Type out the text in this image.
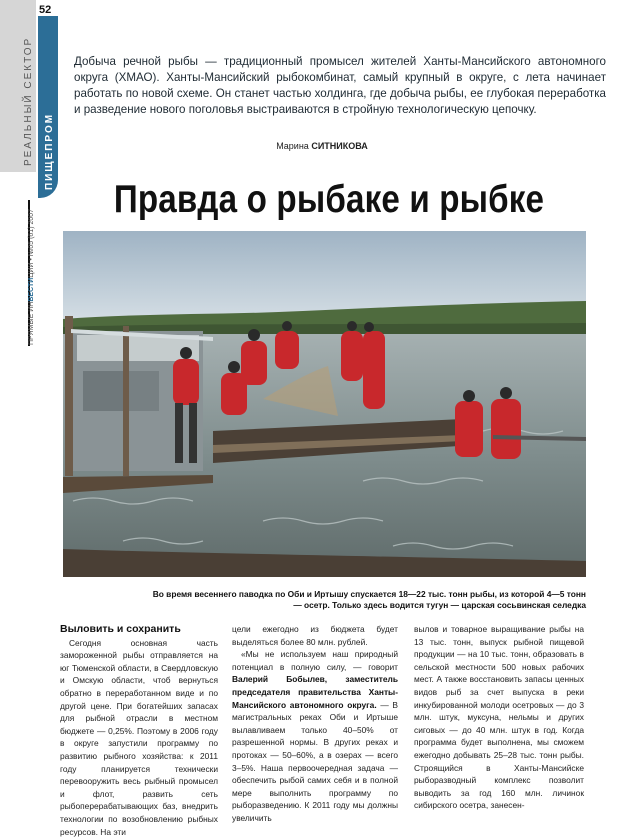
52
РЕАЛЬНЫЙ СЕКТОР ПИЩЕПРОМ
ПРЯМЫЕ ИНВЕСТИЦИИ • №05 (61) 2007
Добыча речной рыбы — традиционный промысел жителей Ханты-Мансийского автономного округа (ХМАО). Ханты-Мансийский рыбокомбинат, самый крупный в округе, с лета начинает работать по новой схеме. Он станет частью холдинга, где добыча рыбы, ее глубокая переработка и разведение нового поголовья выстраиваются в стройную технологическую цепочку.
Марина СИТНИКОВА
Правда о рыбаке и рыбке
Во время весеннего паводка по Оби и Иртышу спускается 18—22 тыс. тонн рыбы, из которой 4—5 тонн — осетр. Только здесь водится тугун — царская сосьвинская селедка
Выловить и сохранить

Сегодня основная часть замороженной рыбы отправляется на юг Тюменской области, в Свердловскую и Омскую области, чтоб вернуться обратно в переработанном виде и по другой цене. При богатейших запасах для рыбной отрасли в местном бюджете — 0,25%. Поэтому в 2006 году в округе запустили программу по развитию рыбного хозяйства: к 2011 году планируется технически перевооружить весь рыбный промысел и флот, развить сеть рыбоперерабатывающих баз, внедрить технологии по возобновлению рыбных ресурсов. На эти

цели ежегодно из бюджета будет выделяться более 80 млн. рублей.

«Мы не используем наш природный потенциал в полную силу, — говорит Валерий Бобылев, заместитель председателя правительства Ханты-Мансийского автономного округа. — В магистральных реках Оби и Иртыше вылавливаем только 40–50% от разрешенной нормы. В других реках и протоках — 50–60%, а в озерах — всего 3–5%. Наша первоочередная задача — обеспечить рыбой самих себя и в полной мере выполнить программу по рыборазведению. К 2011 году мы должны увеличить

вылов и товарное выращивание рыбы на 13 тыс. тонн, выпуск рыбной пищевой продукции — на 10 тыс. тонн, образовать в сельской местности 500 новых рабочих мест. А также восстановить запасы ценных видов рыб за счет выпуска в реки инкубированной молоди осетровых — до 3 млн. штук, муксуна, нельмы и других сиговых — до 40 млн. штук в год. Когда программа будет выполнена, мы сможем ежегодно добывать 25–28 тыс. тонн рыбы. Строящийся в Ханты-Мансийске рыборазводный комплекс позволит выводить за год 160 млн. личинок сибирского осетра, занесен-
